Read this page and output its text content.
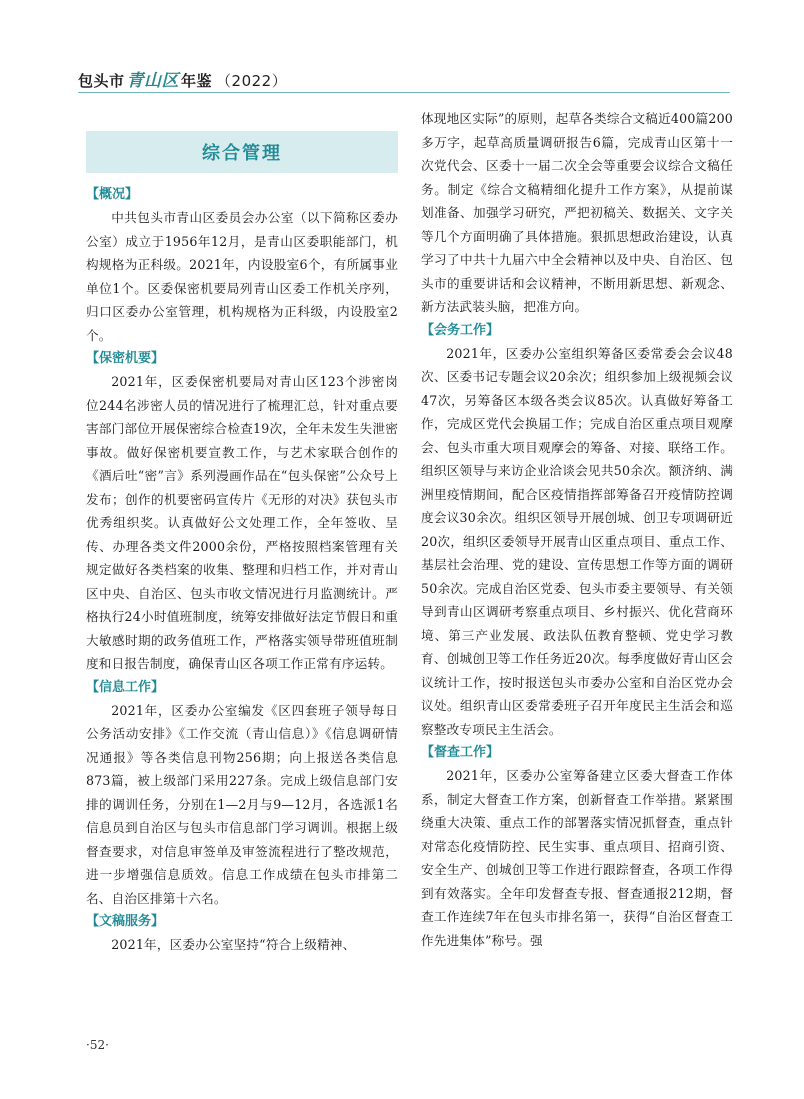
包头市 青山区 年鉴 （2022）
综合管理
【概况】

中共包头市青山区委员会办公室（以下简称区委办公室）成立于1956年12月，是青山区委职能部门，机构规格为正科级。2021年，内设股室6个，有所属事业单位1个。区委保密机要局列青山区委工作机关序列，归口区委办公室管理，机构规格为正科级，内设股室2个。

【保密机要】

2021年，区委保密机要局对青山区123个涉密岗位244名涉密人员的情况进行了梳理汇总，针对重点要害部门部位开展保密综合检查19次，全年未发生失泄密事故。做好保密机要宣教工作，与艺术家联合创作的《酒后吐“密”言》系列漫画作品在“包头保密”公众号上发布；创作的机要密码宣传片《无形的对决》获包头市优秀组织奖。认真做好公文处理工作，全年签收、呈传、办理各类文件2000余份，严格按照档案管理有关规定做好各类档案的收集、整理和归档工作，并对青山区中央、自治区、包头市收文情况进行月监测统计。严格执行24小时值班制度，统筹安排做好法定节假日和重大敏感时期的政务值班工作，严格落实领导带班值班制度和日报告制度，确保青山区各项工作正常有序运转。

【信息工作】

2021年，区委办公室编发《区四套班子领导每日公务活动安排》《工作交流（青山信息）》《信息调研情况通报》等各类信息刊物256期；向上报送各类信息873篇，被上级部门采用227条。完成上级信息部门安排的调训任务，分别在1—2月与9—12月，各选派1名信息员到自治区与包头市信息部门学习调训。根据上级督查要求，对信息审签单及审签流程进行了整改规范，进一步增强信息质效。信息工作成绩在包头市排第二名、自治区排第十六名。

【文稿服务】

2021年，区委办公室坚持“符合上级精神、

体现地区实际”的原则，起草各类综合文稿近400篇200多万字，起草高质量调研报告6篇，完成青山区第十一次党代会、区委十一届二次全会等重要会议综合文稿任务。制定《综合文稿精细化提升工作方案》，从提前谋划准备、加强学习研究，严把初稿关、数据关、文字关等几个方面明确了具体措施。狠抓思想政治建设，认真学习了中共十九届六中全会精神以及中央、自治区、包头市的重要讲话和会议精神，不断用新思想、新观念、新方法武装头脑，把准方向。

【会务工作】

2021年，区委办公室组织筹备区委常委会会议48次、区委书记专题会议20余次；组织参加上级视频会议47次，另筹备区本级各类会议85次。认真做好筹备工作，完成区党代会换届工作；完成自治区重点项目观摩会、包头市重大项目观摩会的筹备、对接、联络工作。组织区领导与来访企业洽谈会见共50余次。额济纳、满洲里疫情期间，配合区疫情指挥部筹备召开疫情防控调度会议30余次。组织区领导开展创城、创卫专项调研近20次，组织区委领导开展青山区重点项目、重点工作、基层社会治理、党的建设、宣传思想工作等方面的调研50余次。完成自治区党委、包头市委主要领导、有关领导到青山区调研考察重点项目、乡村振兴、优化营商环境、第三产业发展、政法队伍教育整顿、党史学习教育、创城创卫等工作任务近20次。每季度做好青山区会议统计工作，按时报送包头市委办公室和自治区党办会议处。组织青山区委常委班子召开年度民主生活会和巡察整改专项民主生活会。

【督查工作】

2021年，区委办公室筹备建立区委大督查工作体系，制定大督查工作方案，创新督查工作举措。紧紧围绕重大决策、重点工作的部署落实情况抓督查，重点针对常态化疫情防控、民生实事、重点项目、招商引资、安全生产、创城创卫等工作进行跟踪督查，各项工作得到有效落实。全年印发督查专报、督查通报212期，督查工作连续7年在包头市排名第一，获得“自治区督查工作先进集体”称号。强

·52·
